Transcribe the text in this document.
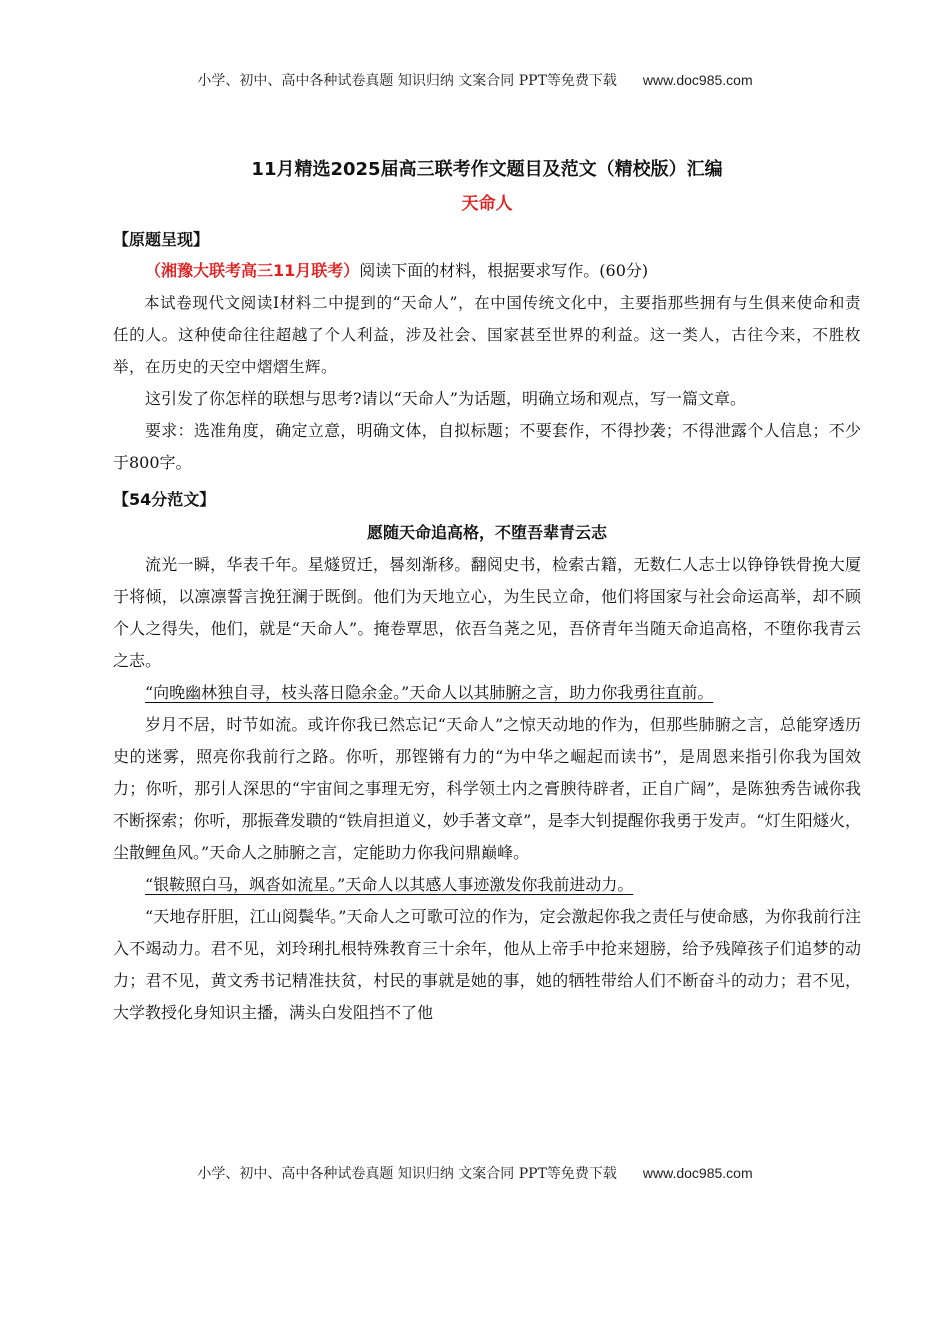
小学、初中、高中各种试卷真题 知识归纳 文案合同 PPT等免费下载 www.doc985.com
11月精选2025届高三联考作文题目及范文（精校版）汇编
天命人
【原题呈现】

（湘豫大联考高三11月联考）阅读下面的材料，根据要求写作。(60分)

本试卷现代文阅读Ⅰ材料二中提到的“天命人”，在中国传统文化中，主要指那些拥有与生俱来使命和责任的人。这种使命往往超越了个人利益，涉及社会、国家甚至世界的利益。这一类人，古往今来，不胜枚举，在历史的天空中熠熠生辉。

这引发了你怎样的联想与思考?请以“天命人”为话题，明确立场和观点，写一篇文章。

要求：选准角度，确定立意，明确文体，自拟标题；不要套作，不得抄袭；不得泄露个人信息；不少于800字。

【54分范文】
愿随天命追高格，不堕吾辈青云志

流光一瞬，华表千年。星燧贸迁，晷刻渐移。翻阅史书，检索古籍，无数仁人志士以铮铮铁骨挽大厦于将倾，以凛凛誓言挽狂澜于既倒。他们为天地立心，为生民立命，他们将国家与社会命运高举，却不顾个人之得失，他们，就是“天命人”。掩卷覃思，依吾刍荛之见，吾侪青年当随天命追高格，不堕你我青云之志。

“向晚幽林独自寻，枝头落日隐余金。”天命人以其肺腑之言，助力你我勇往直前。

岁月不居，时节如流。或许你我已然忘记“天命人”之惊天动地的作为，但那些肺腑之言，总能穿透历史的迷雾，照亮你我前行之路。你听，那铿锵有力的“为中华之崛起而读书”，是周恩来指引你我为国效力；你听，那引人深思的“宇宙间之事理无穷，科学领土内之膏腴待辟者，正自广阔”，是陈独秀告诫你我不断探索；你听，那振聋发聩的“铁肩担道义，妙手著文章”，是李大钊提醒你我勇于发声。“灯生阳燧火，尘散鲤鱼风。”天命人之肺腑之言，定能助力你我问鼎巅峰。

“银鞍照白马，飒沓如流星。”天命人以其感人事迹激发你我前进动力。

“天地存肝胆，江山阅鬓华。”天命人之可歌可泣的作为，定会激起你我之责任与使命感，为你我前行注入不竭动力。君不见，刘玲琍扎根特殊教育三十余年，他从上帝手中抢来翅膀，给予残障孩子们追梦的动力；君不见，黄文秀书记精准扶贫，村民的事就是她的事，她的牺牲带给人们不断奋斗的动力；君不见，大学教授化身知识主播，满头白发阻挡不了他

小学、初中、高中各种试卷真题 知识归纳 文案合同 PPT等免费下载 www.doc985.com
